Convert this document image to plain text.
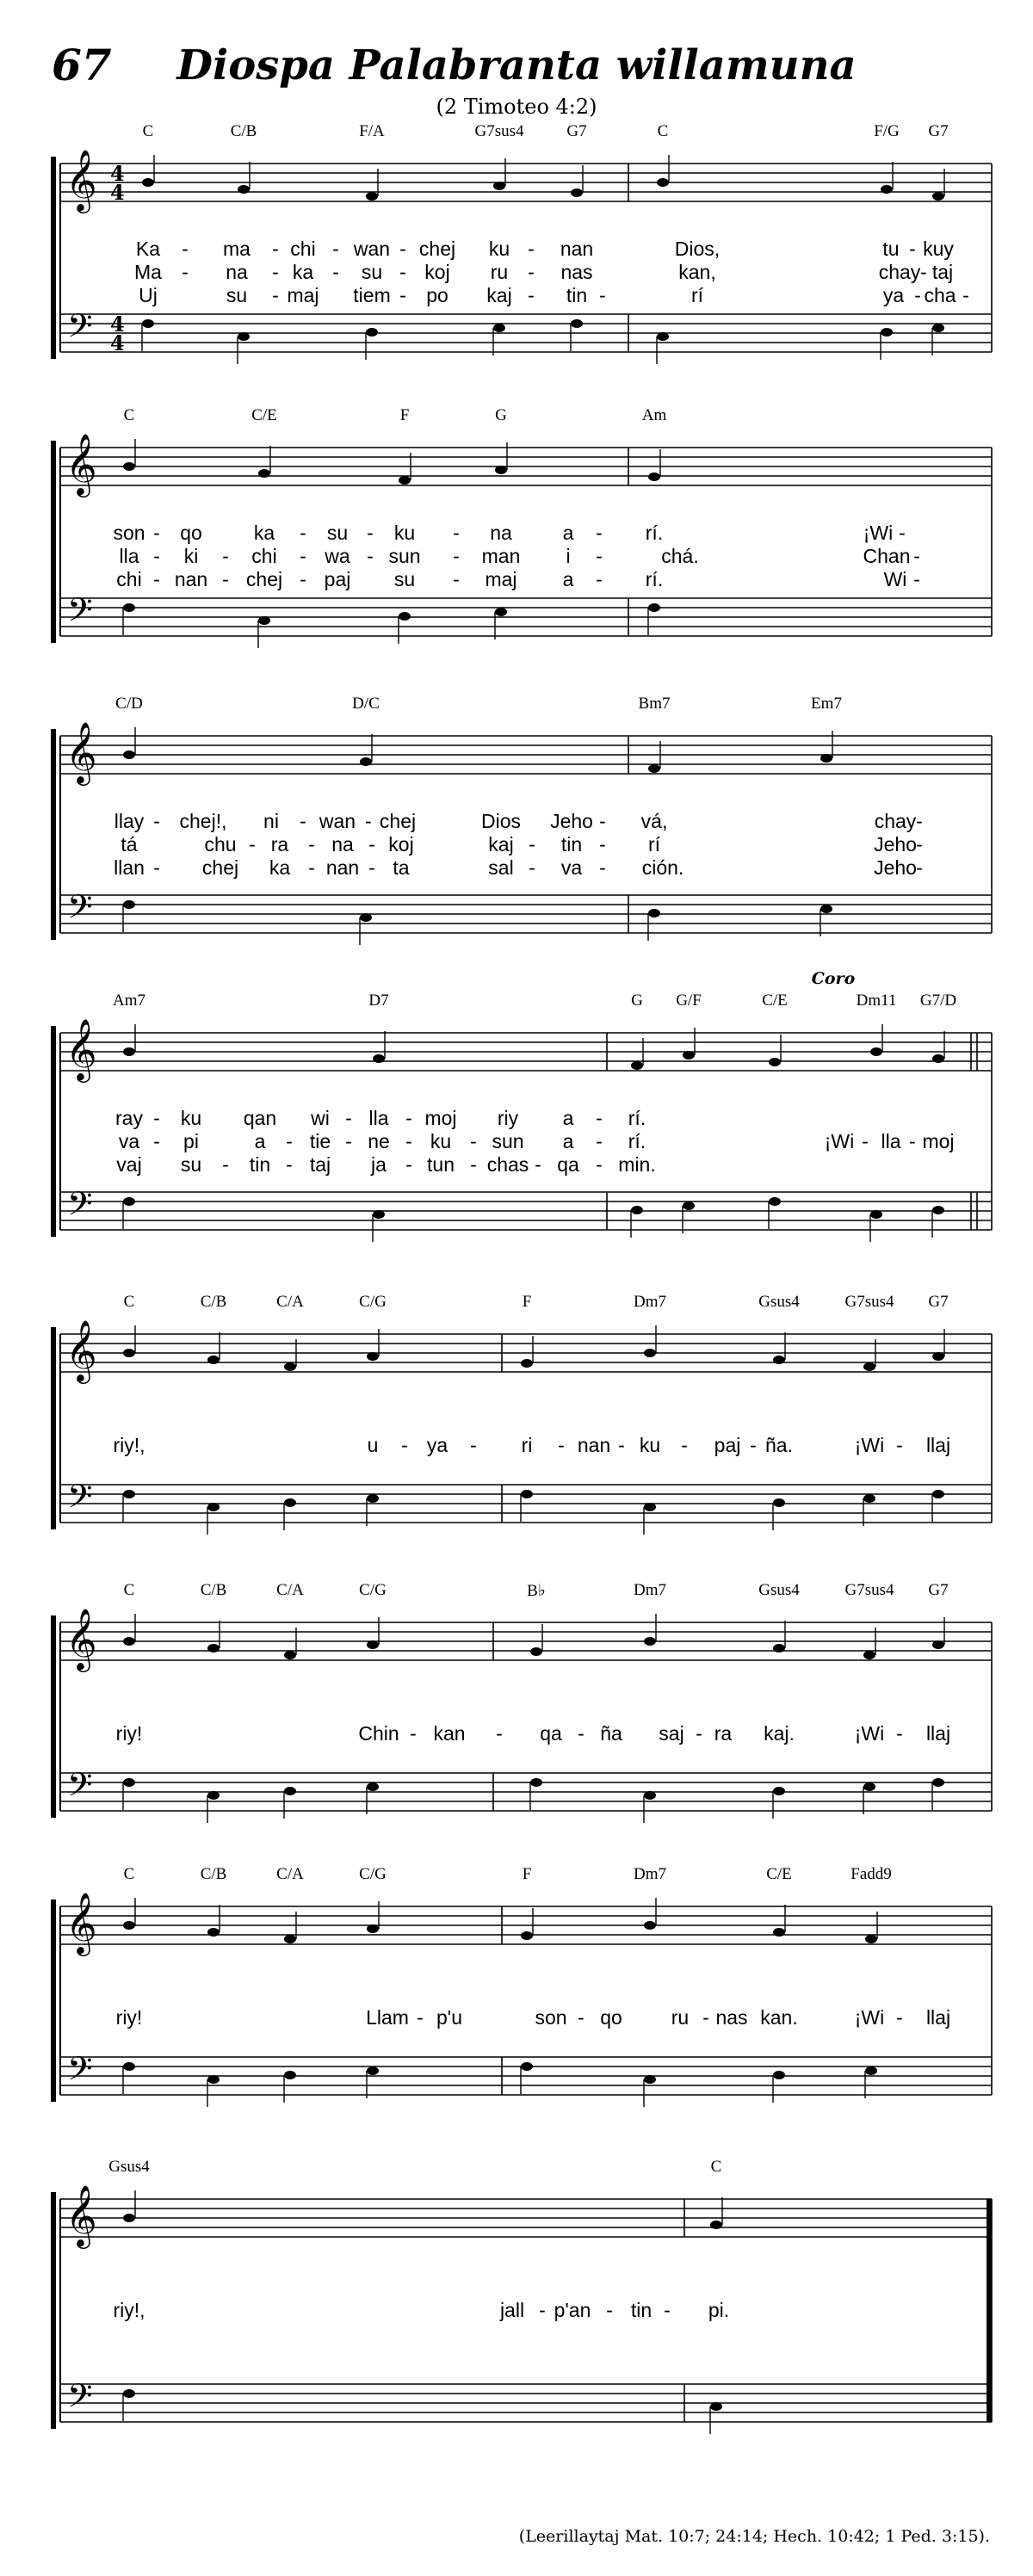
67	Diospa Palabranta willamuna
(2 Timoteo 4:2)
𝄞
𝄢
4
4
4
4
C	C/B	F/A	G7sus4	G7	C	F/G G7
Ka - ma - chi - wan - chej ku - nan	Dios,	tu - kuy
Ma - na - ka - su - koj ru - nas	kan,	chay - taj
Uj	su - maj tiem - po kaj - tin -	rí	ya - cha -
𝄞
𝄢
C	C/E	F	G	Am
son - qo	ka - su - ku - na	a - rí.	¡Wi -
lla - ki - chi - wa - sun - man i -	chá.	Chan -
chi - nan - chej - paj su - maj a - rí.	Wi -
𝄞
𝄢
C/D	D/C	Bm7	Em7
llay - chej!, ni - wan - chej	Dios Jeho - vá,	chay -
tá	chu - ra - na - koj	kaj - tin - rí	Jeho -
llan - chej ka - nan - ta	sal - va - ción.	Jeho -
𝄞
𝄢
Am7	D7	G G/F	C/E	Dm11 G7/D
Coro
ray - ku qan wi - lla - moj riy a - rí.
va - pi	a - tie - ne - ku - sun a - rí.	¡Wi - lla - moj
vaj su - tin - taj ja - tun - chas - qa - min.
𝄞
𝄢
C	C/B	C/A	C/G	F	Dm7	Gsus4	G7sus4 G7
riy!,	u - ya - ri - nan - ku - paj - ña.	¡Wi - llaj
𝄞
𝄢
C	C/B	C/A	C/G	B♭	Dm7	Gsus4	G7sus4 G7
riy!	Chin - kan - qa - ña saj - ra kaj.	¡Wi - llaj
𝄞
𝄢
C	C/B	C/A	C/G	F	Dm7	C/E	Fadd9
riy!	Llam - p'u	son - qo ru - nas kan.	¡Wi - llaj
𝄞
𝄢
Gsus4	C
riy!,	jall - p'an - tin - pi.
(Leerillaytaj Mat. 10:7; 24:14; Hech. 10:42; 1 Ped. 3:15).
